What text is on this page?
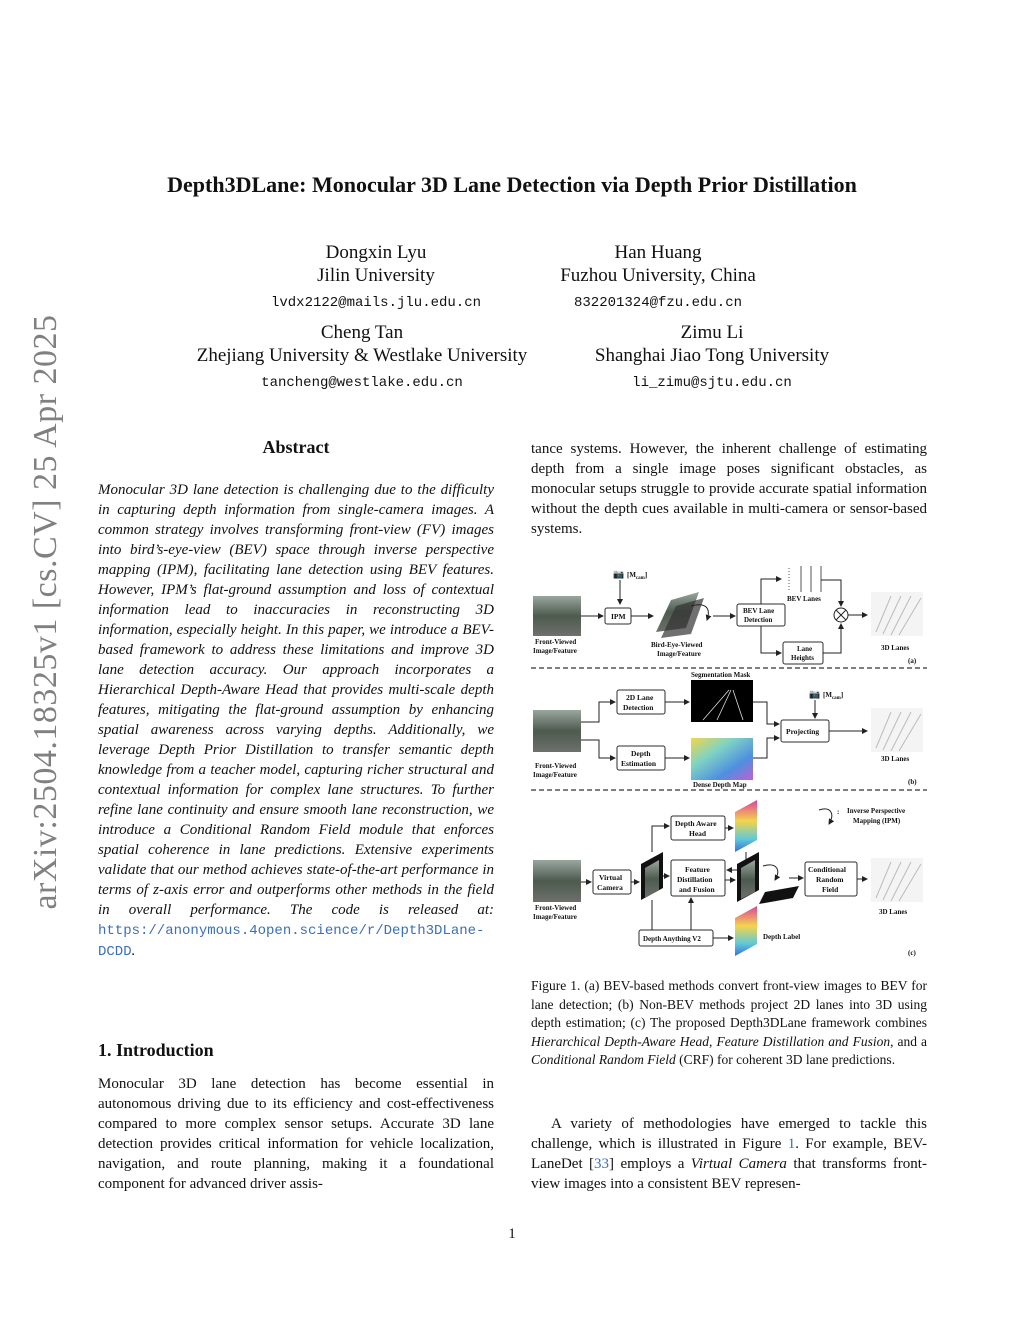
arXiv:2504.18325v1 [cs.CV] 25 Apr 2025
Depth3DLane: Monocular 3D Lane Detection via Depth Prior Distillation
Dongxin Lyu
Jilin University
lvdx2122@mails.jlu.edu.cn
Han Huang
Fuzhou University, China
832201324@fzu.edu.cn
Cheng Tan
Zhejiang University & Westlake University
tancheng@westlake.edu.cn
Zimu Li
Shanghai Jiao Tong University
li_zimu@sjtu.edu.cn
Abstract
Monocular 3D lane detection is challenging due to the difficulty in capturing depth information from single-camera images. A common strategy involves transforming front-view (FV) images into bird’s-eye-view (BEV) space through inverse perspective mapping (IPM), facilitating lane detection using BEV features. However, IPM’s flat-ground assumption and loss of contextual information lead to inaccuracies in reconstructing 3D information, especially height. In this paper, we introduce a BEV-based framework to address these limitations and improve 3D lane detection accuracy. Our approach incorporates a Hierarchical Depth-Aware Head that provides multi-scale depth features, mitigating the flat-ground assumption by enhancing spatial awareness across varying depths. Additionally, we leverage Depth Prior Distillation to transfer semantic depth knowledge from a teacher model, capturing richer structural and contextual information for complex lane structures. To further refine lane continuity and ensure smooth lane reconstruction, we introduce a Conditional Random Field module that enforces spatial coherence in lane predictions. Extensive experiments validate that our method achieves state-of-the-art performance in terms of z-axis error and outperforms other methods in the field in overall performance. The code is released at: https://anonymous.4open.science/r/Depth3DLane-DCDD.
1. Introduction
Monocular 3D lane detection has become essential in autonomous driving due to its efficiency and cost-effectiveness compared to more complex sensor setups. Accurate 3D lane detection provides critical information for vehicle localization, navigation, and route planning, making it a foundational component for advanced driver assis-
tance systems. However, the inherent challenge of estimating depth from a single image poses significant obstacles, as monocular setups struggle to provide accurate spatial information without the depth cues available in multi-camera or sensor-based systems.
Front-Viewed
Image/Feature
📷 $[M_{cam}]$
IPM
Bird-Eye-Viewed
Image/Feature
BEV Lane
Detection
BEV Lanes
Lane
Heights
3D Lanes
(a)
Segmentation Mask
Front-Viewed
Image/Feature
2D Lane
Detection
Depth
Estimation
Dense Depth Map
Projecting
📷 $[M_{cam}]$
3D Lanes
(b)
: Inverse Perspective
Mapping (IPM)
Front-Viewed
Image/Feature
Virtual
Camera
Depth Aware
Head
Feature
Distillation
and Fusion
Conditional
Random
Field
3D Lanes
Depth Anything V2	Depth Label
(c)
Figure 1. (a) BEV-based methods convert front-view images to BEV for lane detection; (b) Non-BEV methods project 2D lanes into 3D using depth estimation; (c) The proposed Depth3DLane framework combines Hierarchical Depth-Aware Head, Feature Distillation and Fusion, and a Conditional Random Field (CRF) for coherent 3D lane predictions.
A variety of methodologies have emerged to tackle this challenge, which is illustrated in Figure 1. For example, BEV-LaneDet [33] employs a Virtual Camera that transforms front-view images into a consistent BEV represen-
1
